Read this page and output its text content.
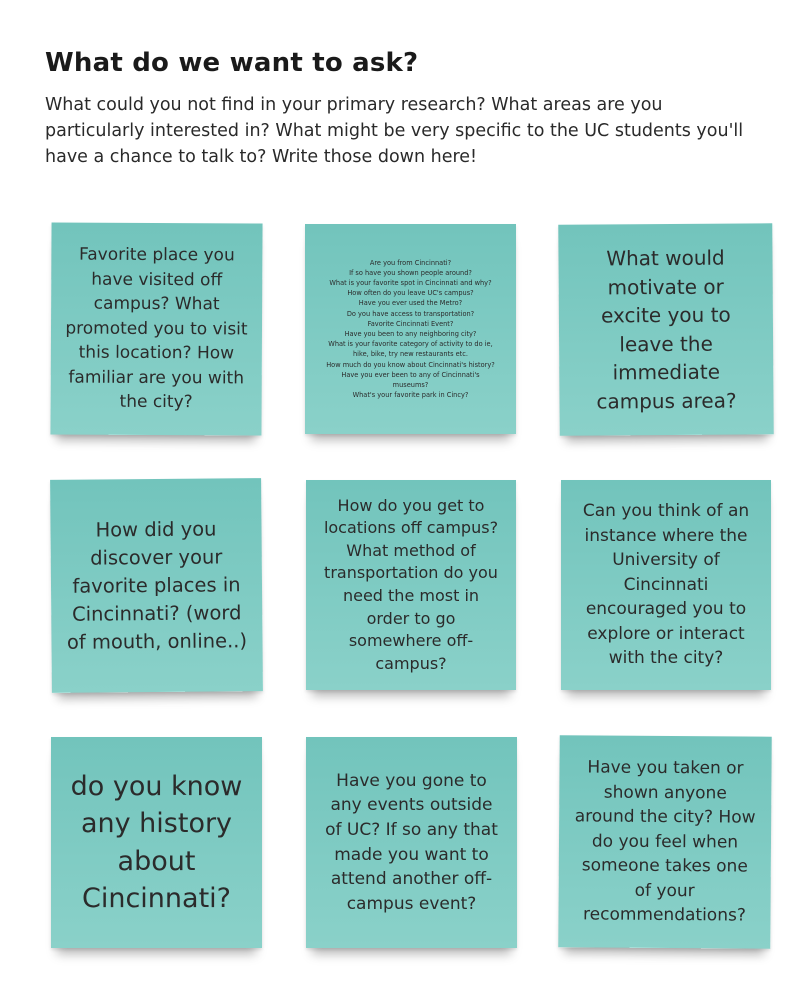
What do we want to ask?

What could you not find in your primary research? What areas are you particularly interested in? What might be very specific to the UC students you'll have a chance to talk to? Write those down here!

Favorite place you have visited off campus? What promoted you to visit this location? How familiar are you with the city?
Are you from Cincinnati?
If so have you shown people around?
What is your favorite spot in Cincinnati and why?
How often do you leave UC's campus?
Have you ever used the Metro?
Do you have access to transportation?
Favorite Cincinnati Event?
Have you been to any neighboring city?
What is your favorite category of activity to do ie, hike, bike, try new restaurants etc.
How much do you know about Cincinnati's history?
Have you ever been to any of Cincinnati's museums?
What's your favorite park in Cincy?
What would motivate or excite you to leave the immediate campus area?
How did you discover your favorite places in Cincinnati? (word of mouth, online..)
How do you get to locations off campus? What method of transportation do you need the most in order to go somewhere off-campus?
Can you think of an instance where the University of Cincinnati encouraged you to explore or interact with the city?
do you know any history about Cincinnati?
Have you gone to any events outside of UC? If so any that made you want to attend another off-campus event?
Have you taken or shown anyone around the city? How do you feel when someone takes one of your recommendations?
